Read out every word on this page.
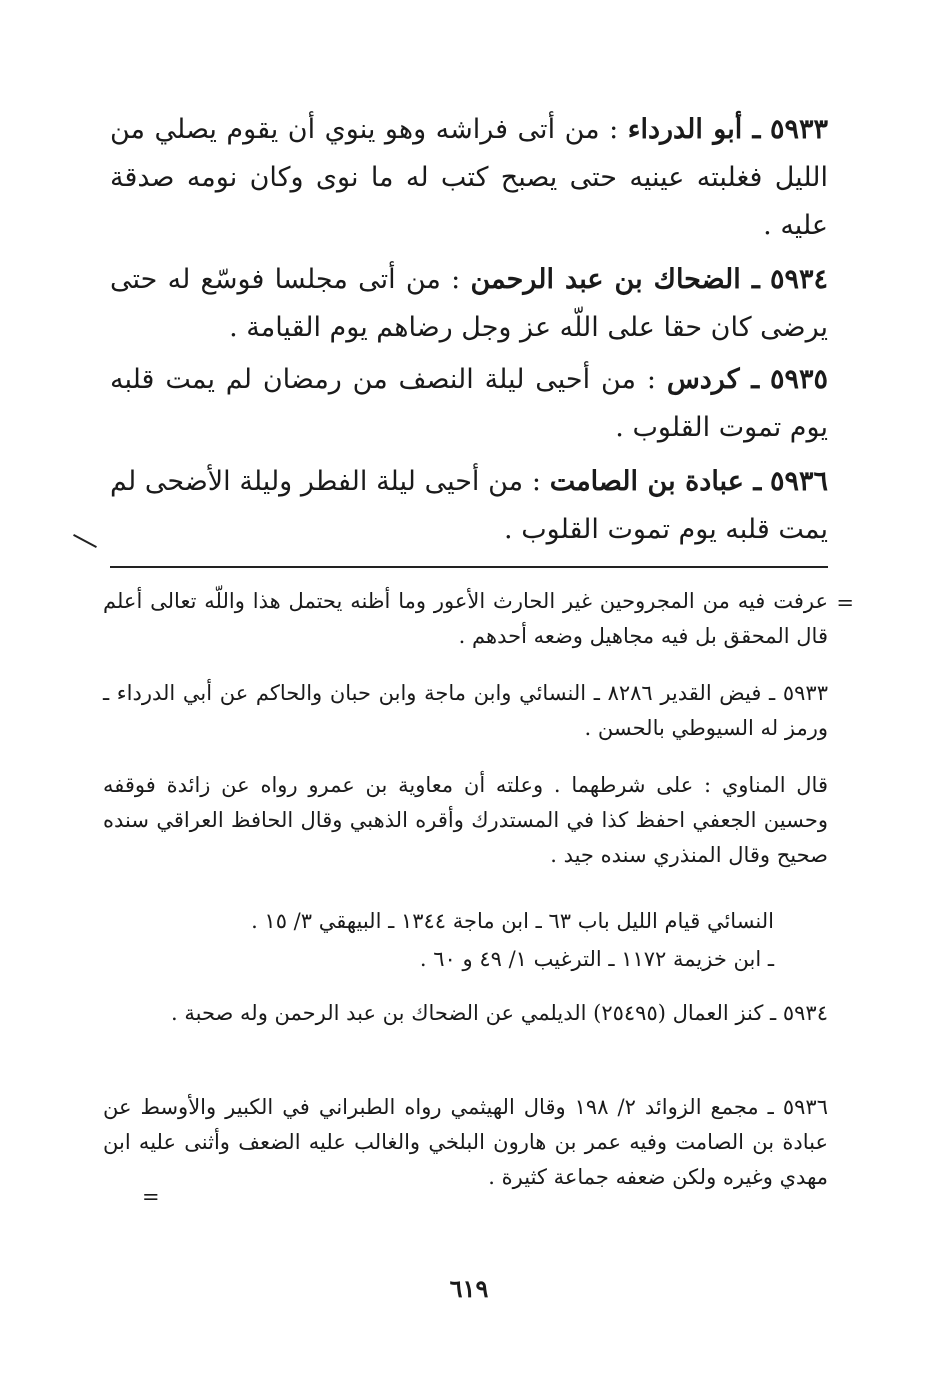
٥٩٣٣ ـ أبو الدرداء : من أتى فراشه وهو ينوي أن يقوم يصلي من الليل فغلبته عينيه حتى يصبح كتب له ما نوى وكان نومه صدقة عليه .
٥٩٣٤ ـ الضحاك بن عبد الرحمن : من أتى مجلسا فوسّع له حتى يرضى كان حقا على اللّه عز وجل رضاهم يوم القيامة .
٥٩٣٥ ـ كردس : من أحيى ليلة النصف من رمضان لم يمت قلبه يوم تموت القلوب .
٥٩٣٦ ـ عبادة بن الصامت : من أحيى ليلة الفطر وليلة الأضحى لم يمت قلبه يوم تموت القلوب .
=
عرفت فيه من المجروحين غير الحارث الأعور وما أظنه يحتمل هذا واللّه تعالى أعلم قال المحقق بل فيه مجاهيل وضعه أحدهم .
٥٩٣٣ ـ فيض القدير ٨٢٨٦ ـ النسائي وابن ماجة وابن حبان والحاكم عن أبي الدرداء ـ ورمز له السيوطي بالحسن .
قال المناوي : على شرطهما . وعلته أن معاوية بن عمرو رواه عن زائدة فوقفه وحسين الجعفي احفظ كذا في المستدرك وأقره الذهبي وقال الحافظ العراقي سنده صحيح وقال المنذري سنده جيد .
النسائي قيام الليل باب ٦٣ ـ ابن ماجة ١٣٤٤ ـ البيهقي ٣/ ١٥ .
ـ ابن خزيمة ١١٧٢ ـ الترغيب ١/ ٤٩ و ٦٠ .
٥٩٣٤ ـ كنز العمال (٢٥٤٩٥) الديلمي عن الضحاك بن عبد الرحمن وله صحبة .
٥٩٣٦ ـ مجمع الزوائد ٢/ ١٩٨ وقال الهيثمي رواه الطبراني في الكبير والأوسط عن عبادة بن الصامت وفيه عمر بن هارون البلخي والغالب عليه الضعف وأثنى عليه ابن مهدي وغيره ولكن ضعفه جماعة كثيرة .
=
٦١٩
